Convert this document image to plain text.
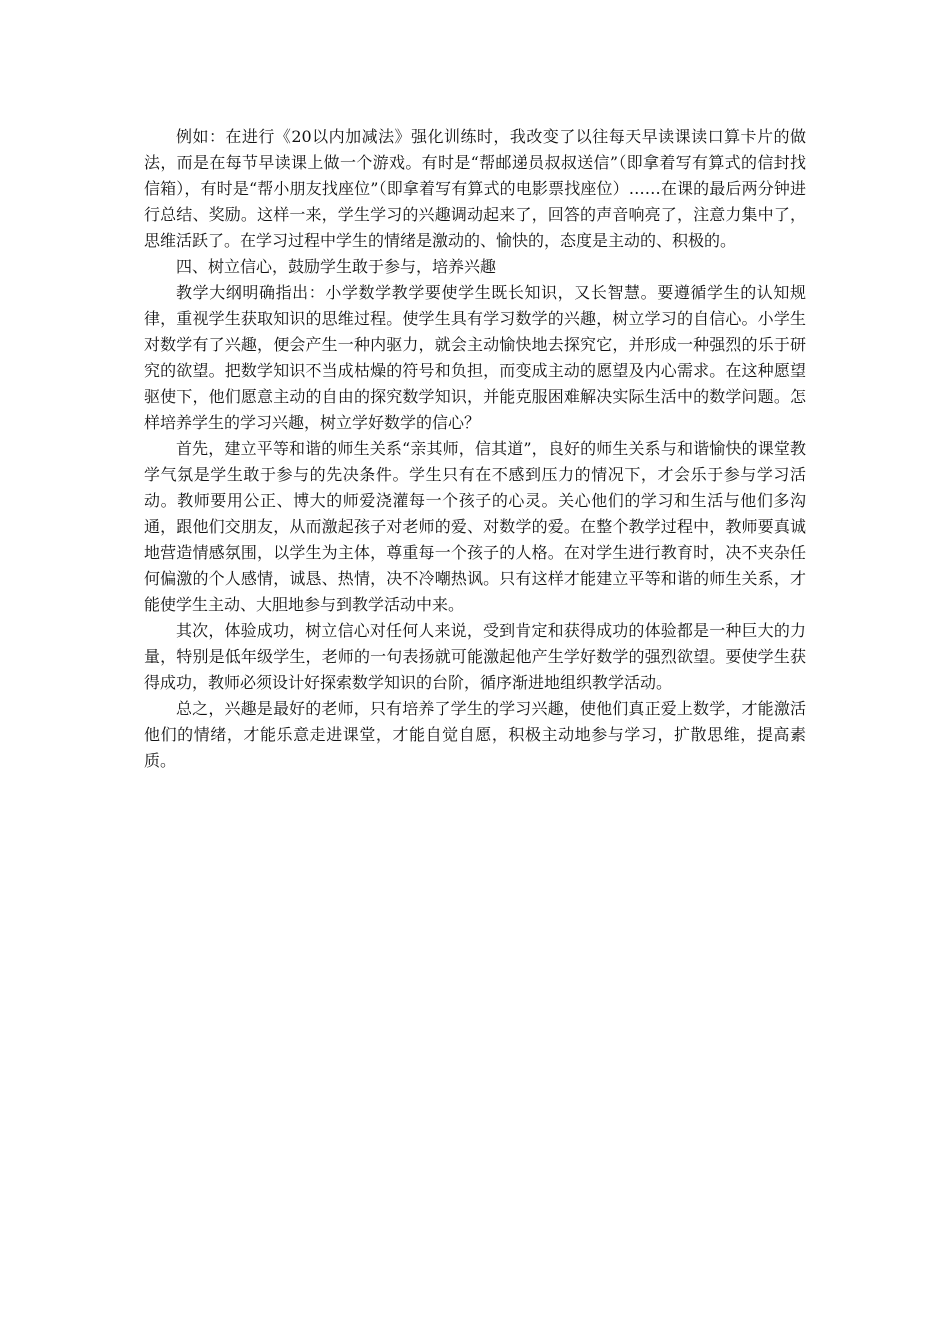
例如：在进行《20以内加减法》强化训练时，我改变了以往每天早读课读口算卡片的做法，而是在每节早读课上做一个游戏。有时是“帮邮递员叔叔送信”（即拿着写有算式的信封找信箱），有时是“帮小朋友找座位”（即拿着写有算式的电影票找座位）……在课的最后两分钟进行总结、奖励。这样一来，学生学习的兴趣调动起来了，回答的声音响亮了，注意力集中了，思维活跃了。在学习过程中学生的情绪是激动的、愉快的，态度是主动的、积极的。

四、树立信心，鼓励学生敢于参与，培养兴趣

教学大纲明确指出：小学数学教学要使学生既长知识，又长智慧。要遵循学生的认知规律，重视学生获取知识的思维过程。使学生具有学习数学的兴趣，树立学习的自信心。小学生对数学有了兴趣，便会产生一种内驱力，就会主动愉快地去探究它，并形成一种强烈的乐于研究的欲望。把数学知识不当成枯燥的符号和负担，而变成主动的愿望及内心需求。在这种愿望驱使下，他们愿意主动的自由的探究数学知识，并能克服困难解决实际生活中的数学问题。怎样培养学生的学习兴趣，树立学好数学的信心？

首先，建立平等和谐的师生关系“亲其师，信其道”，良好的师生关系与和谐愉快的课堂教学气氛是学生敢于参与的先决条件。学生只有在不感到压力的情况下，才会乐于参与学习活动。教师要用公正、博大的师爱浇灌每一个孩子的心灵。关心他们的学习和生活与他们多沟通，跟他们交朋友，从而激起孩子对老师的爱、对数学的爱。在整个教学过程中，教师要真诚地营造情感氛围，以学生为主体，尊重每一个孩子的人格。在对学生进行教育时，决不夹杂任何偏激的个人感情，诚恳、热情，决不冷嘲热讽。只有这样才能建立平等和谐的师生关系，才能使学生主动、大胆地参与到教学活动中来。

其次，体验成功，树立信心对任何人来说，受到肯定和获得成功的体验都是一种巨大的力量，特别是低年级学生，老师的一句表扬就可能激起他产生学好数学的强烈欲望。要使学生获得成功，教师必须设计好探索数学知识的台阶，循序渐进地组织教学活动。

总之，兴趣是最好的老师，只有培养了学生的学习兴趣，使他们真正爱上数学，才能激活他们的情绪，才能乐意走进课堂，才能自觉自愿，积极主动地参与学习，扩散思维，提高素质。
